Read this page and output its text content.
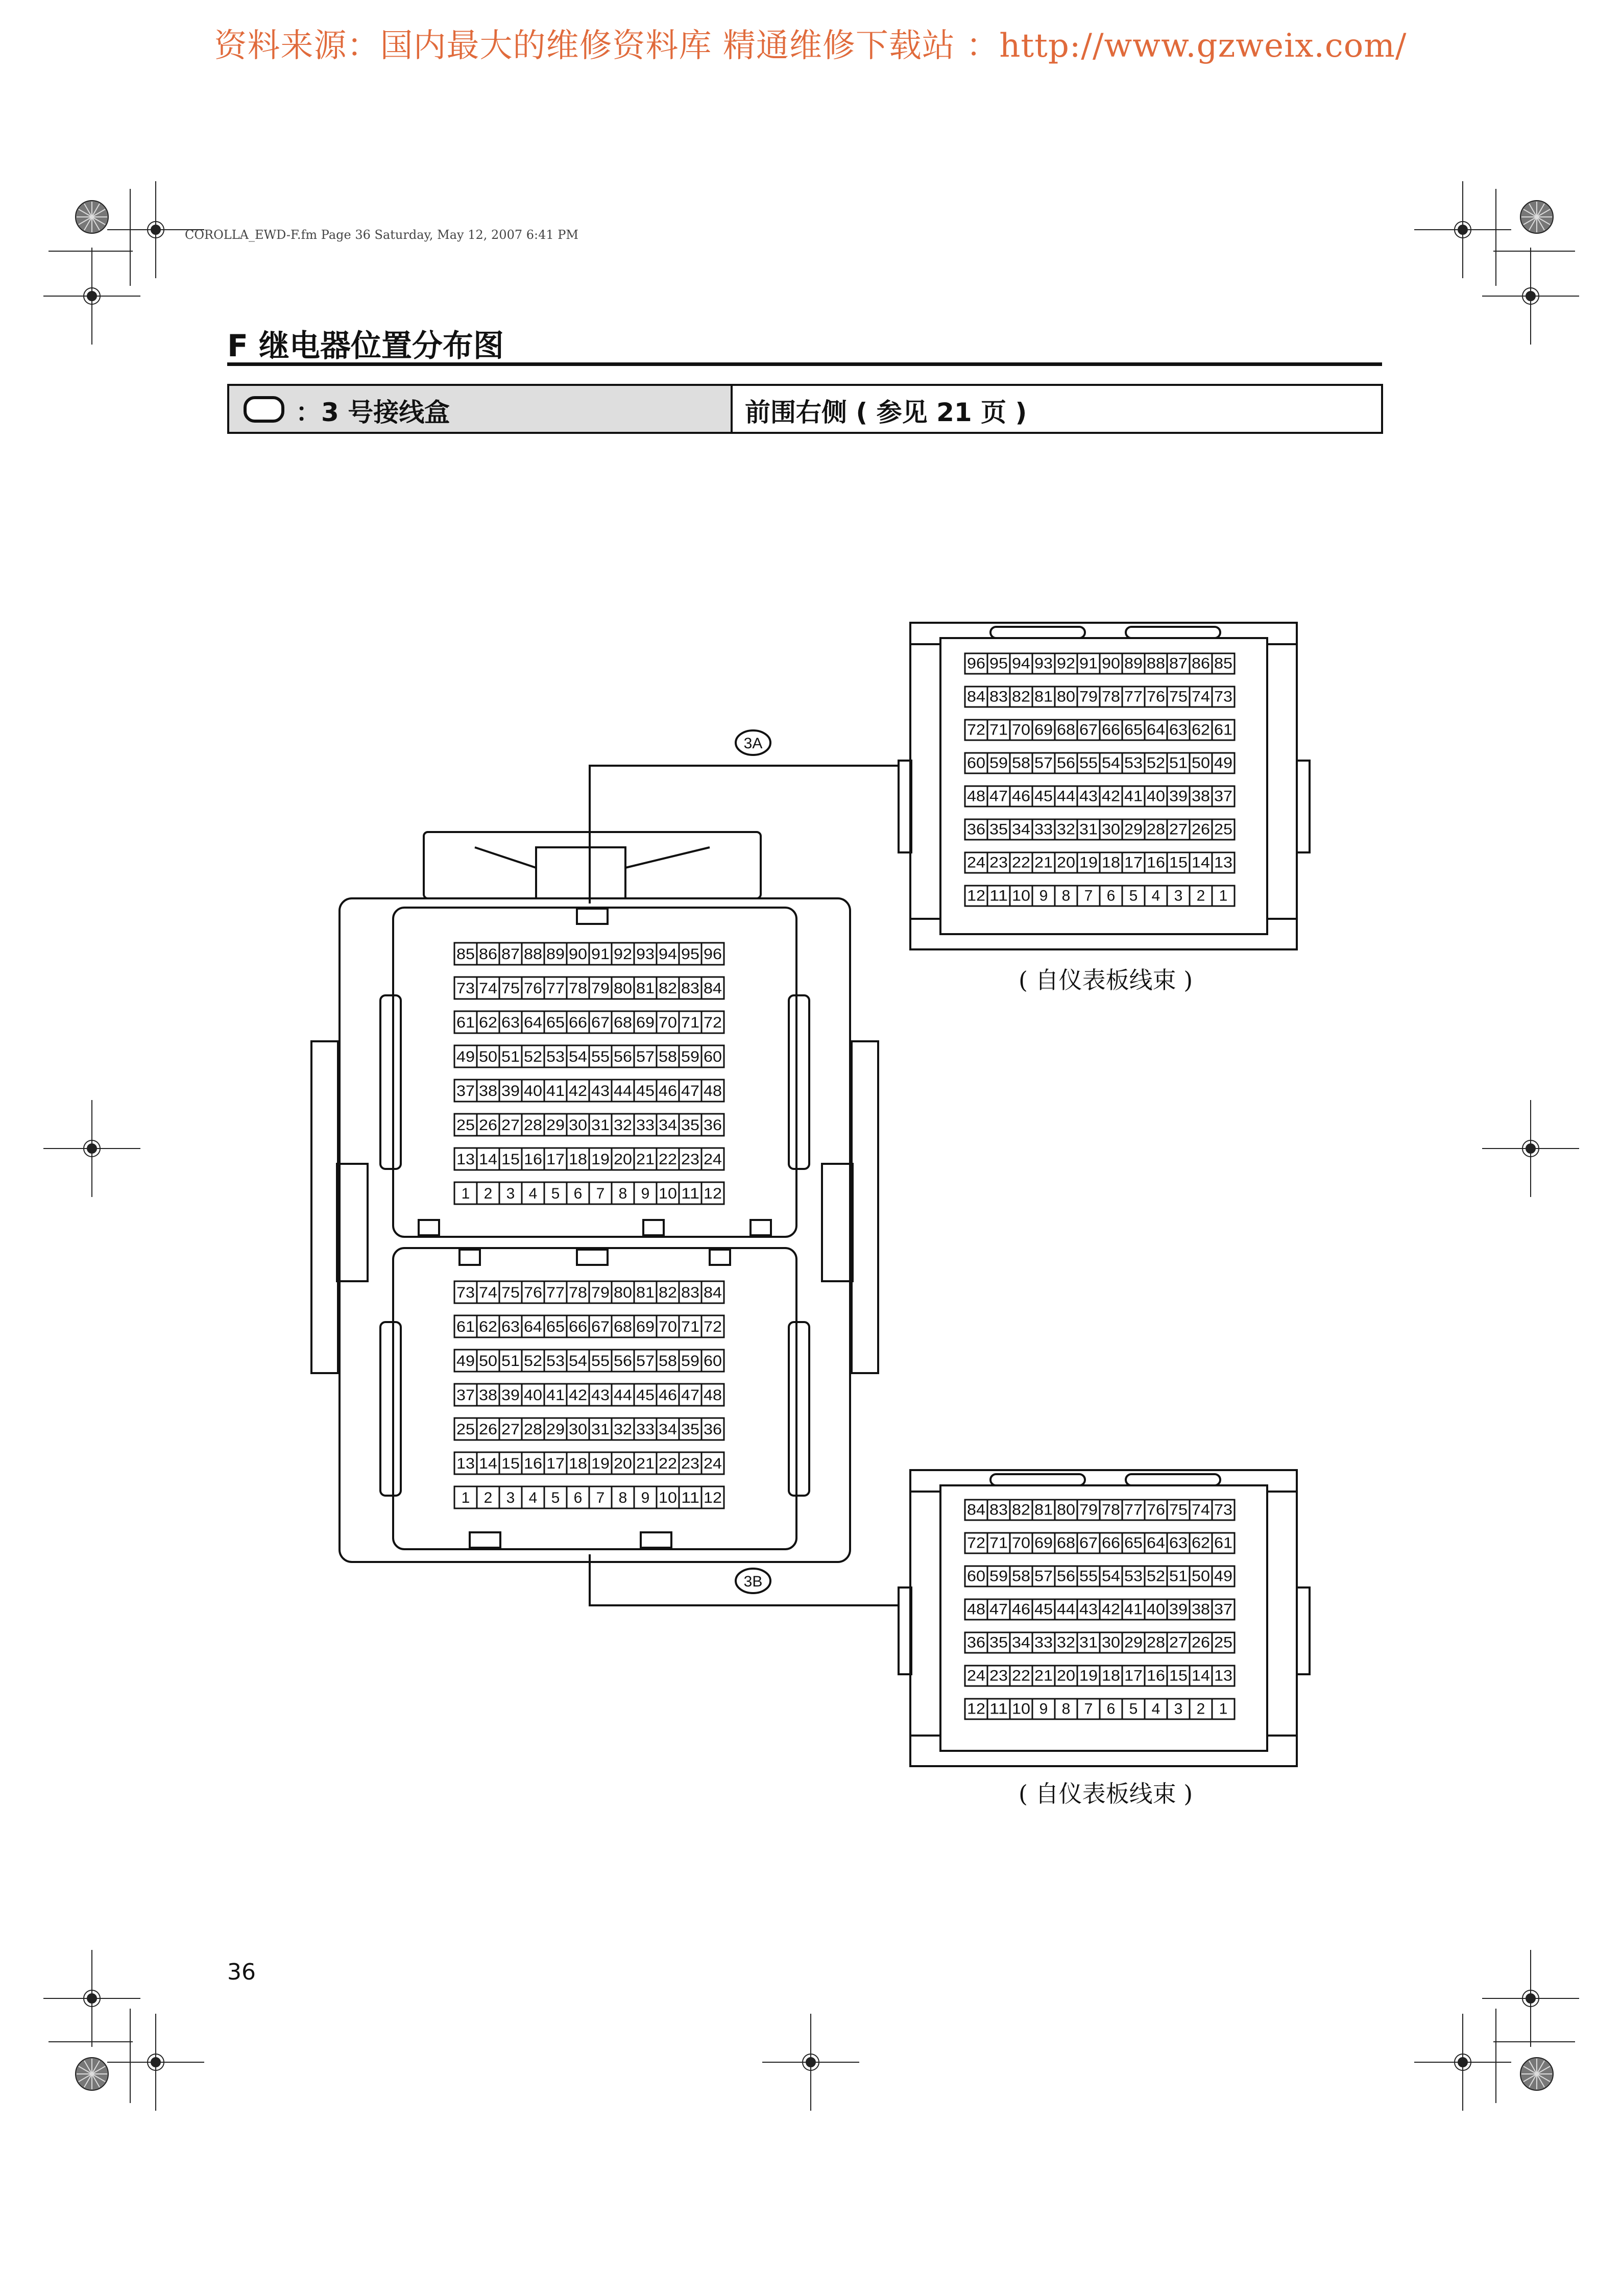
资料来源：国内最大的维修资料库 精通维修下载站 ：http://www.gzweix.com/
COROLLA_EWD-F.fm Page 36 Saturday, May 12, 2007 6:41 PM
F 继电器位置分布图
：3 号接线盒	前围右侧 ( 参见 21 页 )
85 86 87 88 89 90 91 92 93 94 95 96
73 74 75 76 77 78 79 80 81 82 83 84
61 62 63 64 65 66 67 68 69 70 71 72
49 50 51 52 53 54 55 56 57 58 59 60
37 38 39 40 41 42 43 44 45 46 47 48
25 26 27 28 29 30 31 32 33 34 35 36
13 14 15 16 17 18 19 20 21 22 23 24
1 2 3 4 5 6 7 8 9 10 11 12
73 74 75 76 77 78 79 80 81 82 83 84
61 62 63 64 65 66 67 68 69 70 71 72
49 50 51 52 53 54 55 56 57 58 59 60
37 38 39 40 41 42 43 44 45 46 47 48
25 26 27 28 29 30 31 32 33 34 35 36
13 14 15 16 17 18 19 20 21 22 23 24
1 2 3 4 5 6 7 8 9 10 11 12
96 95 94 93 92 91 90 89 88 87 86 85
84 83 82 81 80 79 78 77 76 75 74 73
72 71 70 69 68 67 66 65 64 63 62 61
60 59 58 57 56 55 54 53 52 51 50 49
48 47 46 45 44 43 42 41 40 39 38 37
36 35 34 33 32 31 30 29 28 27 26 25
24 23 22 21 20 19 18 17 16 15 14 13
12 11 10 9 8 7 6 5 4 3 2 1
84 83 82 81 80 79 78 77 76 75 74 73
72 71 70 69 68 67 66 65 64 63 62 61
60 59 58 57 56 55 54 53 52 51 50 49
48 47 46 45 44 43 42 41 40 39 38 37
36 35 34 33 32 31 30 29 28 27 26 25
24 23 22 21 20 19 18 17 16 15 14 13
12 11 10 9 8 7 6 5 4 3 2 1
3A
3B
( 自仪表板线束 )
( 自仪表板线束 )
36
